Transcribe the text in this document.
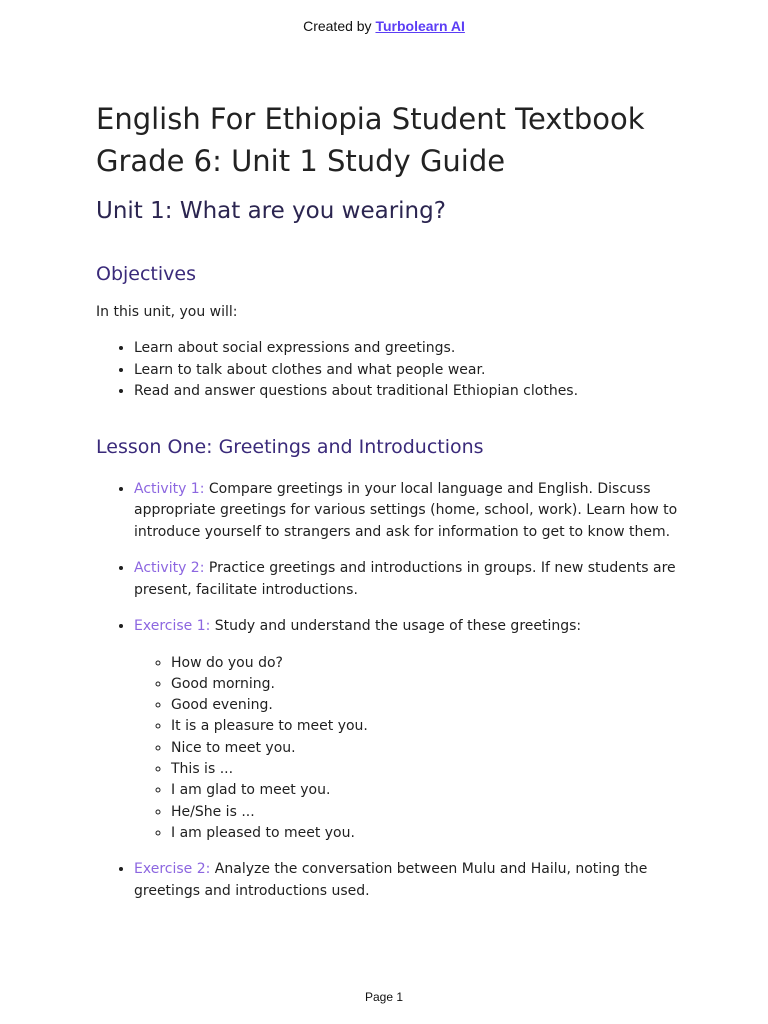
Created by Turbolearn AI
English For Ethiopia Student Textbook
Grade 6: Unit 1 Study Guide
Unit 1: What are you wearing?
Objectives

In this unit, you will:

• Learn about social expressions and greetings.
• Learn to talk about clothes and what people wear.
• Read and answer questions about traditional Ethiopian clothes.
Lesson One: Greetings and Introductions
• Activity 1: Compare greetings in your local language and English. Discuss appropriate greetings for various settings (home, school, work). Learn how to introduce yourself to strangers and ask for information to get to know them.
• Activity 2: Practice greetings and introductions in groups. If new students are present, facilitate introductions.
• Exercise 1: Study and understand the usage of these greetings:
◦ How do you do?
◦ Good morning.
◦ Good evening.
◦ It is a pleasure to meet you.
◦ Nice to meet you.
◦ This is ...
◦ I am glad to meet you.
◦ He/She is ...
◦ I am pleased to meet you.
• Exercise 2: Analyze the conversation between Mulu and Hailu, noting the greetings and introductions used.
Page 1
